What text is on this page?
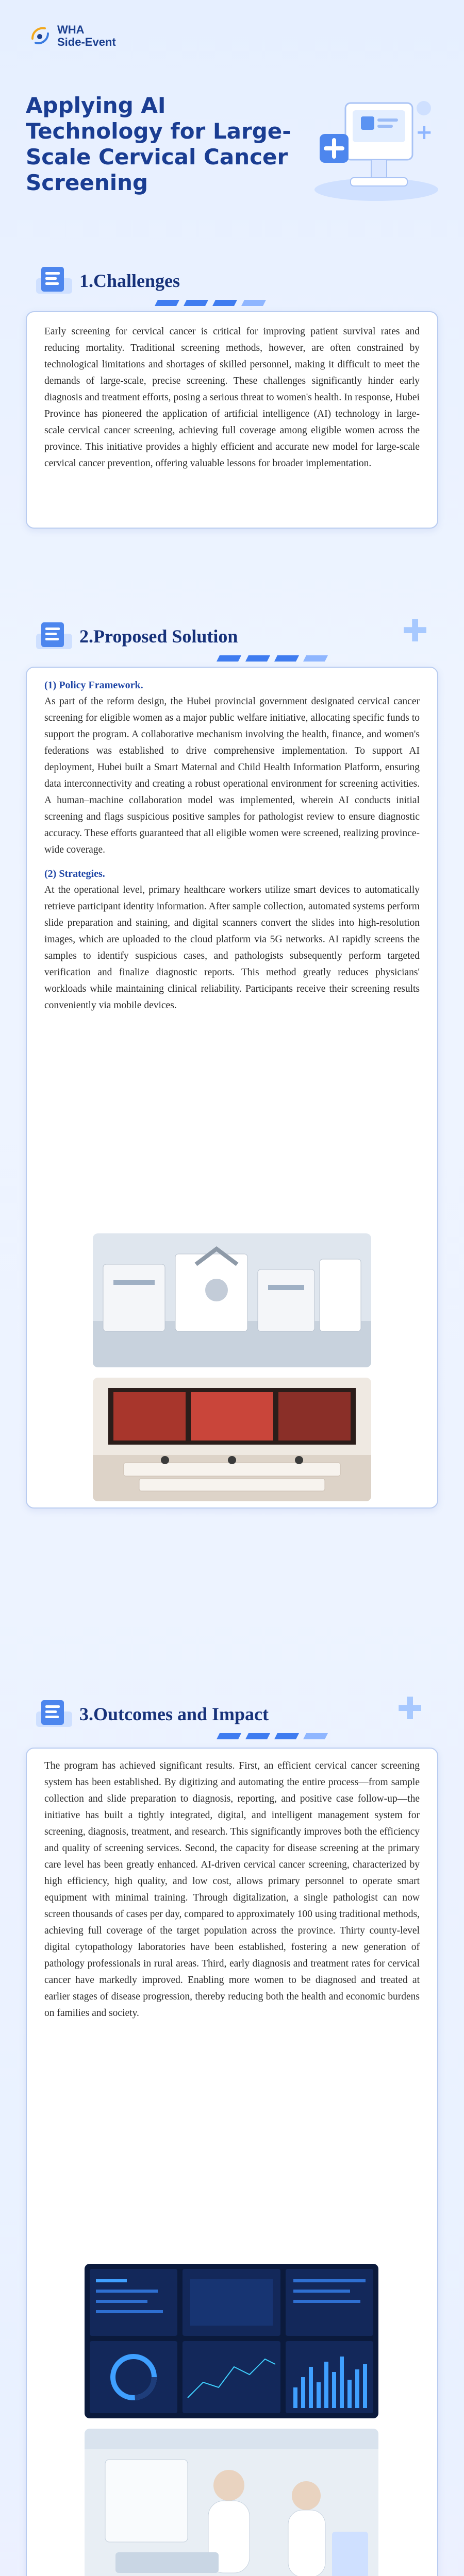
WHA
Side-Event
Applying AI Technology for Large-Scale Cervical Cancer Screening
+
1.Challenges

Early screening for cervical cancer is critical for improving patient survival rates and reducing mortality. Traditional screening methods, however, are often constrained by technological limitations and shortages of skilled personnel, making it difficult to meet the demands of large-scale, precise screening. These challenges significantly hinder early diagnosis and treatment efforts, posing a serious threat to women's health. In response, Hubei Province has pioneered the application of artificial intelligence (AI) technology in large-scale cervical cancer screening, achieving full coverage among eligible women across the province. This initiative provides a highly efficient and accurate new model for large-scale cervical cancer prevention, offering valuable lessons for broader implementation.

2.Proposed Solution	✚

(1) Policy Framework.

As part of the reform design, the Hubei provincial government designated cervical cancer screening for eligible women as a major public welfare initiative, allocating specific funds to support the program. A collaborative mechanism involving the health, finance, and women's federations was established to drive comprehensive implementation. To support AI deployment, Hubei built a Smart Maternal and Child Health Information Platform, ensuring data interconnectivity and creating a robust operational environment for screening activities. A human–machine collaboration model was implemented, wherein AI conducts initial screening and flags suspicious positive samples for pathologist review to ensure diagnostic accuracy. These efforts guaranteed that all eligible women were screened, realizing province-wide coverage.

(2) Strategies.

At the operational level, primary healthcare workers utilize smart devices to automatically retrieve participant identity information. After sample collection, automated systems perform slide preparation and staining, and digital scanners convert the slides into high-resolution images, which are uploaded to the cloud platform via 5G networks. AI rapidly screens the samples to identify suspicious cases, and pathologists subsequently perform targeted verification and finalize diagnostic reports. This method greatly reduces physicians' workloads while maintaining clinical reliability. Participants receive their screening results conveniently via mobile devices.

3.Outcomes and Impact	✚

The program has achieved significant results. First, an efficient cervical cancer screening system has been established. By digitizing and automating the entire process—from sample collection and slide preparation to diagnosis, reporting, and positive case follow-up—the initiative has built a tightly integrated, digital, and intelligent management system for screening, diagnosis, treatment, and research. This significantly improves both the efficiency and quality of screening services. Second, the capacity for disease screening at the primary care level has been greatly enhanced. AI-driven cervical cancer screening, characterized by high efficiency, high quality, and low cost, allows primary personnel to operate smart equipment with minimal training. Through digitalization, a single pathologist can now screen thousands of cases per day, compared to approximately 100 using traditional methods, achieving full coverage of the target population across the province. Thirty county-level digital cytopathology laboratories have been established, fostering a new generation of pathology professionals in rural areas. Third, early diagnosis and treatment rates for cervical cancer have markedly improved. Enabling more women to be diagnosed and treated at earlier stages of disease progression, thereby reducing both the health and economic burdens on families and society.
